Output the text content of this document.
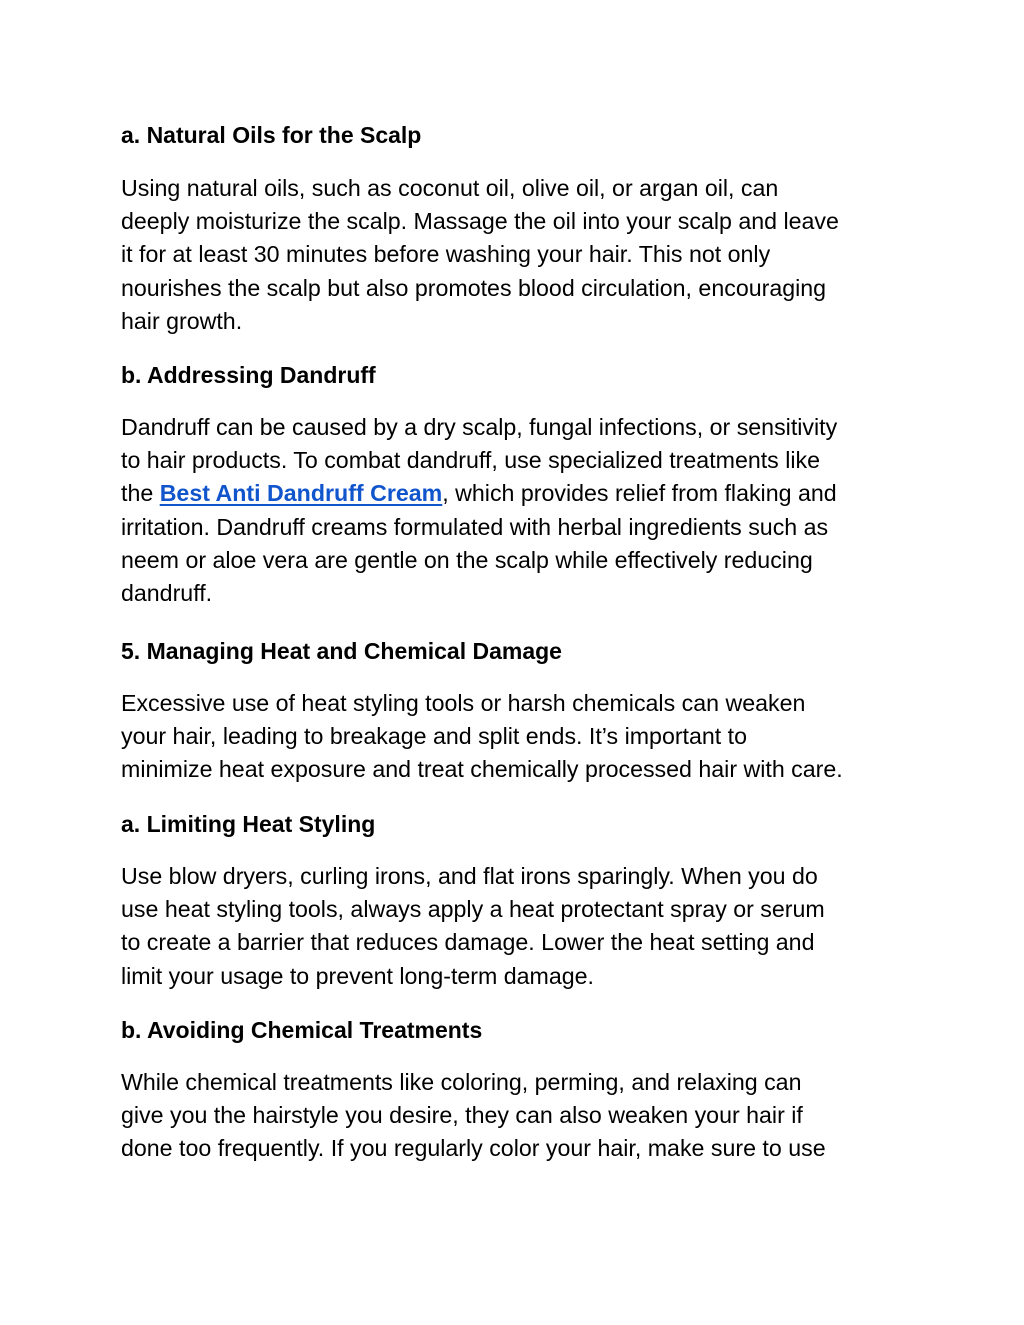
a. Natural Oils for the Scalp

Using natural oils, such as coconut oil, olive oil, or argan oil, can
deeply moisturize the scalp. Massage the oil into your scalp and leave
it for at least 30 minutes before washing your hair. This not only
nourishes the scalp but also promotes blood circulation, encouraging
hair growth.

b. Addressing Dandruff

Dandruff can be caused by a dry scalp, fungal infections, or sensitivity
to hair products. To combat dandruff, use specialized treatments like
the Best Anti Dandruff Cream, which provides relief from flaking and
irritation. Dandruff creams formulated with herbal ingredients such as
neem or aloe vera are gentle on the scalp while effectively reducing
dandruff.

5. Managing Heat and Chemical Damage

Excessive use of heat styling tools or harsh chemicals can weaken
your hair, leading to breakage and split ends. It’s important to
minimize heat exposure and treat chemically processed hair with care.

a. Limiting Heat Styling

Use blow dryers, curling irons, and flat irons sparingly. When you do
use heat styling tools, always apply a heat protectant spray or serum
to create a barrier that reduces damage. Lower the heat setting and
limit your usage to prevent long-term damage.

b. Avoiding Chemical Treatments

While chemical treatments like coloring, perming, and relaxing can
give you the hairstyle you desire, they can also weaken your hair if
done too frequently. If you regularly color your hair, make sure to use
